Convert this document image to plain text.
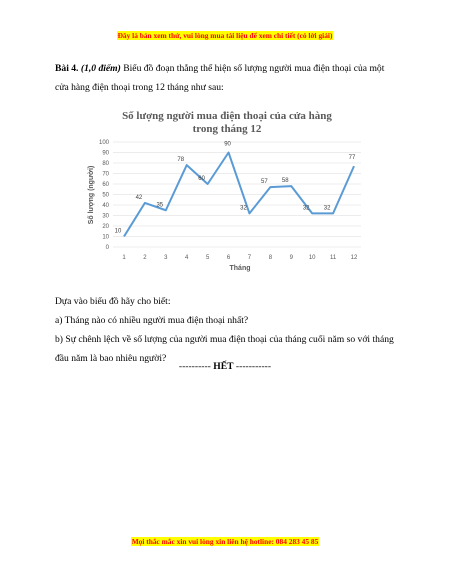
Đây là bản xem thử, vui lòng mua tài liệu để xem chi tiết (có lời giải)
Bài 4. (1,0 điểm) Biểu đồ đoạn thẳng thể hiện số lượng người mua điện thoại của một cửa hàng điện thoại trong 12 tháng như sau:
Số lượng người mua điện thoại của cửa hàng
trong tháng 12
0
10
20
30
40
50
60
70
80
90
100
1	2	3	4	5	6	7	8	9	10 11 12
10
42
35
78
60
90
32
57 58
32 32
77
Tháng
Số lượng (người)
Dựa vào biểu đồ hãy cho biết:
a) Tháng nào có nhiều người mua điện thoại nhất?
b) Sự chênh lệch về số lượng của người mua điện thoại của tháng cuối năm so với tháng đầu năm là bao nhiêu người?
---------- HẾT -----------
Mọi thắc mắc xin vui lòng xin liên hệ hotline: 084 283 45 85
